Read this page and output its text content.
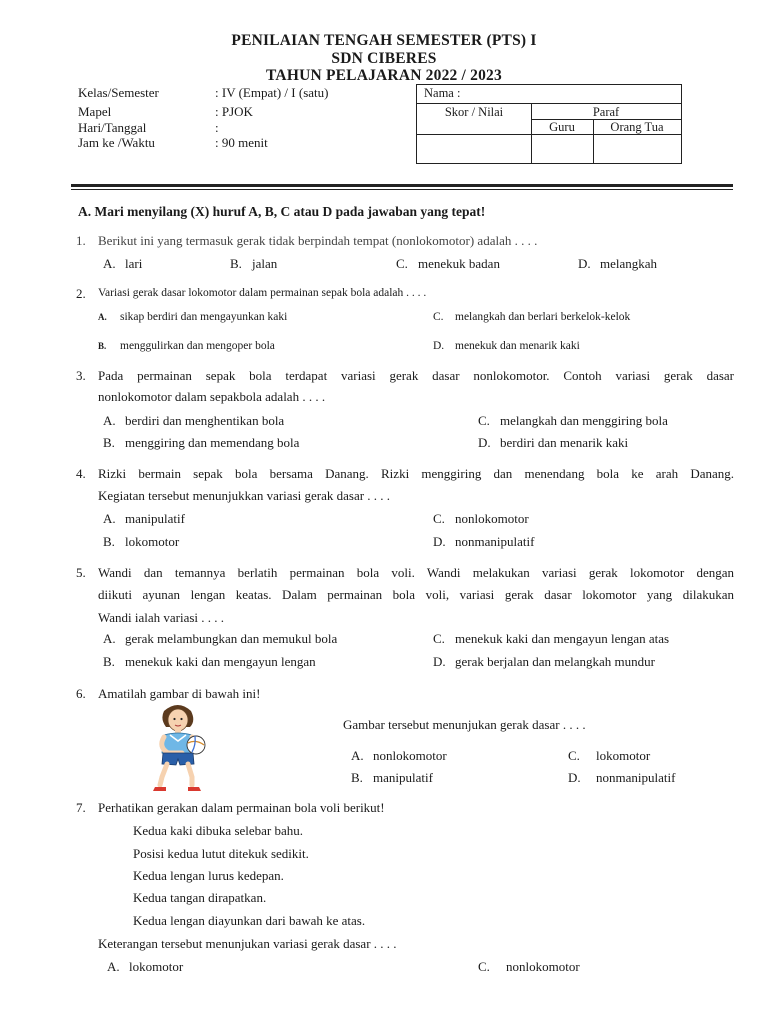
PENILAIAN TENGAH SEMESTER (PTS) I
SDN CIBERES
TAHUN PELAJARAN 2022 / 2023
Kelas/Semester	: IV (Empat) / I (satu)
Mapel	: PJOK
Hari/Tanggal	:
Jam ke /Waktu	: 90 menit
Nama :
Skor / Nilai	Paraf
Guru	Orang Tua
A. Mari menyilang (X) huruf A, B, C atau D pada jawaban yang tepat!
1. Berikut ini yang termasuk gerak tidak berpindah tempat (nonlokomotor) adalah . . . .
A. lari	B. jalan	C. menekuk badan	D. melangkah
2. Variasi gerak dasar lokomotor dalam permainan sepak bola adalah . . . .
A. sikap berdiri dan mengayunkan kaki	C. melangkah dan berlari berkelok-kelok
B. menggulirkan dan mengoper bola	D. menekuk dan menarik kaki
3. Pada permainan sepak bola terdapat variasi gerak dasar nonlokomotor. Contoh variasi gerak dasar
nonlokomotor dalam sepakbola adalah . . . .
A. berdiri dan menghentikan bola	C. melangkah dan menggiring bola
B. menggiring dan memendang bola	D. berdiri dan menarik kaki
4. Rizki bermain sepak bola bersama Danang. Rizki menggiring dan menendang bola ke arah Danang.
Kegiatan tersebut menunjukkan variasi gerak dasar . . . .
A. manipulatif	C. nonlokomotor
B. lokomotor	D. nonmanipulatif
5. Wandi dan temannya berlatih permainan bola voli. Wandi melakukan variasi gerak lokomotor dengan
diikuti ayunan lengan keatas. Dalam permainan bola voli, variasi gerak dasar lokomotor yang dilakukan
Wandi ialah variasi . . . .
A. gerak melambungkan dan memukul bola	C. menekuk kaki dan mengayun lengan atas
B. menekuk kaki dan mengayun lengan	D. gerak berjalan dan melangkah mundur
6. Amatilah gambar di bawah ini!
Gambar tersebut menunjukan gerak dasar . . . .
A. nonlokomotor	C. lokomotor
B. manipulatif	D. nonmanipulatif
7. Perhatikan gerakan dalam permainan bola voli berikut!
Kedua kaki dibuka selebar bahu.
Posisi kedua lutut ditekuk sedikit.
Kedua lengan lurus kedepan.
Kedua tangan dirapatkan.
Kedua lengan diayunkan dari bawah ke atas.
Keterangan tersebut menunjukan variasi gerak dasar . . . .
A. lokomotor	C. nonlokomotor
